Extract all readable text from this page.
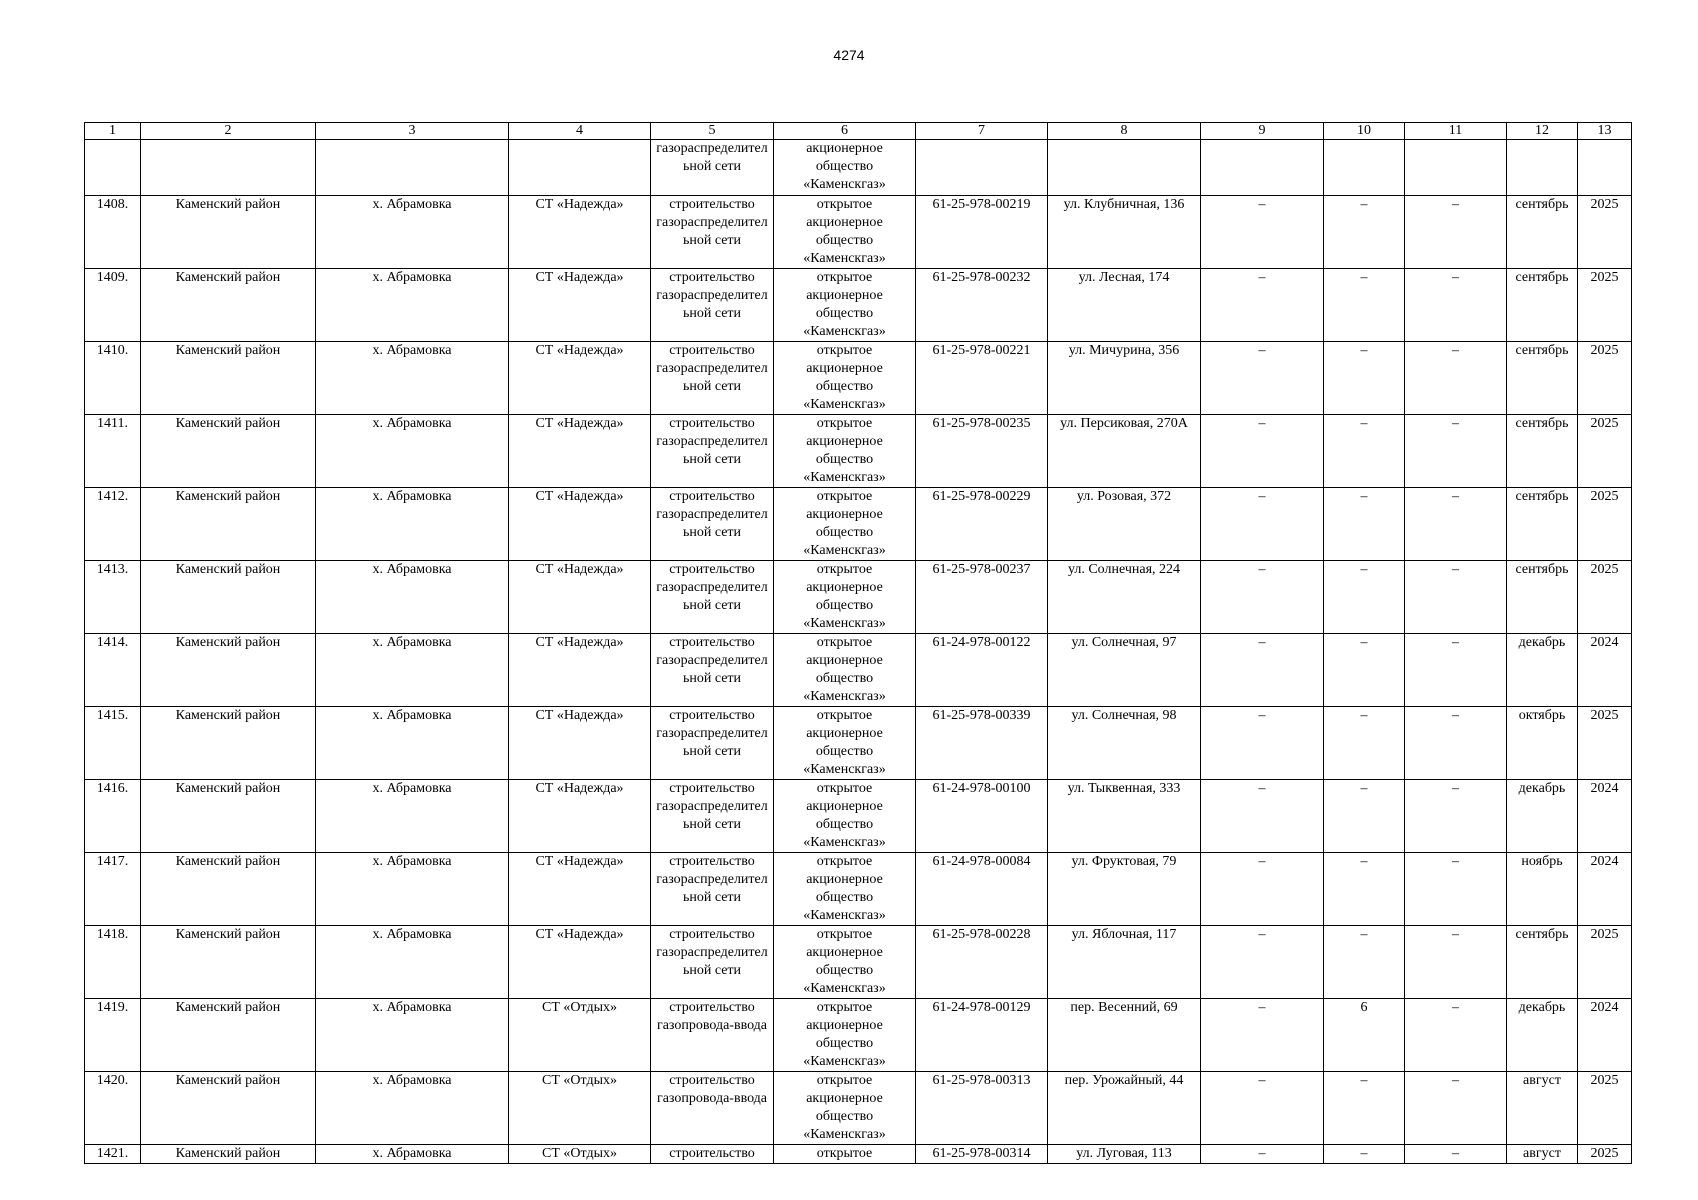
4274
1	2	3	4	5	6	7	8	9	10	11	12	13
				газораспределительной сети	акционерное
общество
«Каменскгаз»							
1408.	Каменский район	х. Абрамовка	СТ «Надежда»	строительство газораспределительной сети	открытое
акционерное
общество
«Каменскгаз»	61-25-978-00219	ул. Клубничная, 136	–	–	–	сентябрь	2025
1409.	Каменский район	х. Абрамовка	СТ «Надежда»	строительство газораспределительной сети	открытое
акционерное
общество
«Каменскгаз»	61-25-978-00232	ул. Лесная, 174	–	–	–	сентябрь	2025
1410.	Каменский район	х. Абрамовка	СТ «Надежда»	строительство газораспределительной сети	открытое
акционерное
общество
«Каменскгаз»	61-25-978-00221	ул. Мичурина, 356	–	–	–	сентябрь	2025
1411.	Каменский район	х. Абрамовка	СТ «Надежда»	строительство газораспределительной сети	открытое
акционерное
общество
«Каменскгаз»	61-25-978-00235	ул. Персиковая, 270А	–	–	–	сентябрь	2025
1412.	Каменский район	х. Абрамовка	СТ «Надежда»	строительство газораспределительной сети	открытое
акционерное
общество
«Каменскгаз»	61-25-978-00229	ул. Розовая, 372	–	–	–	сентябрь	2025
1413.	Каменский район	х. Абрамовка	СТ «Надежда»	строительство газораспределительной сети	открытое
акционерное
общество
«Каменскгаз»	61-25-978-00237	ул. Солнечная, 224	–	–	–	сентябрь	2025
1414.	Каменский район	х. Абрамовка	СТ «Надежда»	строительство газораспределительной сети	открытое
акционерное
общество
«Каменскгаз»	61-24-978-00122	ул. Солнечная, 97	–	–	–	декабрь	2024
1415.	Каменский район	х. Абрамовка	СТ «Надежда»	строительство газораспределительной сети	открытое
акционерное
общество
«Каменскгаз»	61-25-978-00339	ул. Солнечная, 98	–	–	–	октябрь	2025
1416.	Каменский район	х. Абрамовка	СТ «Надежда»	строительство газораспределительной сети	открытое
акционерное
общество
«Каменскгаз»	61-24-978-00100	ул. Тыквенная, 333	–	–	–	декабрь	2024
1417.	Каменский район	х. Абрамовка	СТ «Надежда»	строительство газораспределительной сети	открытое
акционерное
общество
«Каменскгаз»	61-24-978-00084	ул. Фруктовая, 79	–	–	–	ноябрь	2024
1418.	Каменский район	х. Абрамовка	СТ «Надежда»	строительство газораспределительной сети	открытое
акционерное
общество
«Каменскгаз»	61-25-978-00228	ул. Яблочная, 117	–	–	–	сентябрь	2025
1419.	Каменский район	х. Абрамовка	СТ «Отдых»	строительство газопровода-ввода	открытое
акционерное
общество
«Каменскгаз»	61-24-978-00129	пер. Весенний, 69	–	6	–	декабрь	2024
1420.	Каменский район	х. Абрамовка	СТ «Отдых»	строительство газопровода-ввода	открытое
акционерное
общество
«Каменскгаз»	61-25-978-00313	пер. Урожайный, 44	–	–	–	август	2025
1421.	Каменский район	х. Абрамовка	СТ «Отдых»	строительство	открытое	61-25-978-00314	ул. Луговая, 113	–	–	–	август	2025
